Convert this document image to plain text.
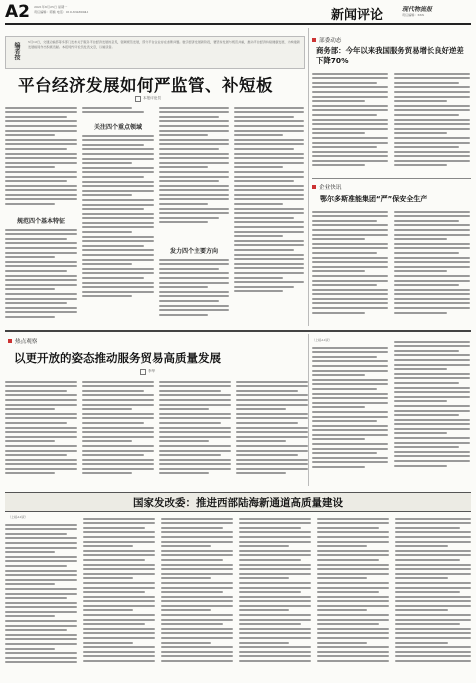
A2 2021年6月25日 星期一
责任编辑：郭楠 电话：010-63480041	新闻评论	现代物流报
责任编辑：XXX
编者按	5月12日，交通运输部等多部门发布关于服务平台经济发展的意见，强调规范发展，部分平台企业存在垄断问题。数字经济发展新阶段，要坚持发展与规范并重，推动平台经济持续健康发展，为构建新发展格局作出积极贡献。本报特约评论员发表文章，以飨读者。
平台经济发展如何严监管、补短板
本报评论员
规范四个基本特征
关注四个重点领域
发力四个主要方向
部委动态
商务部：今年以来我国服务贸易增长良好逆差下降70%
企业快讯
鄂尔多斯准能集团“严”保安全生产
热点观察
以更开放的姿态推动服务贸易高质量发展
李华
（上接A1版）
国家发改委：推进西部陆海新通道高质量建设
（上接A1版）
